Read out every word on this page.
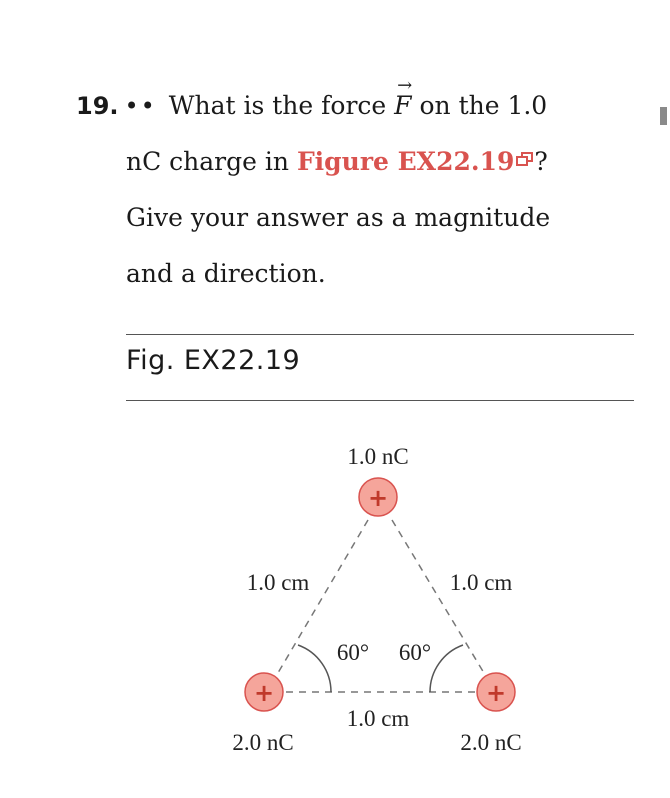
19. •• What is the force
→
F on the 1.0
nC charge in Figure EX22.19 ?
Give your answer as a magnitude
and a direction.
Fig. EX22.19
+
+	+
1.0 nC
2.0 nC	2.0 nC
1.0 cm	1.0 cm
1.0 cm
60° 60°
